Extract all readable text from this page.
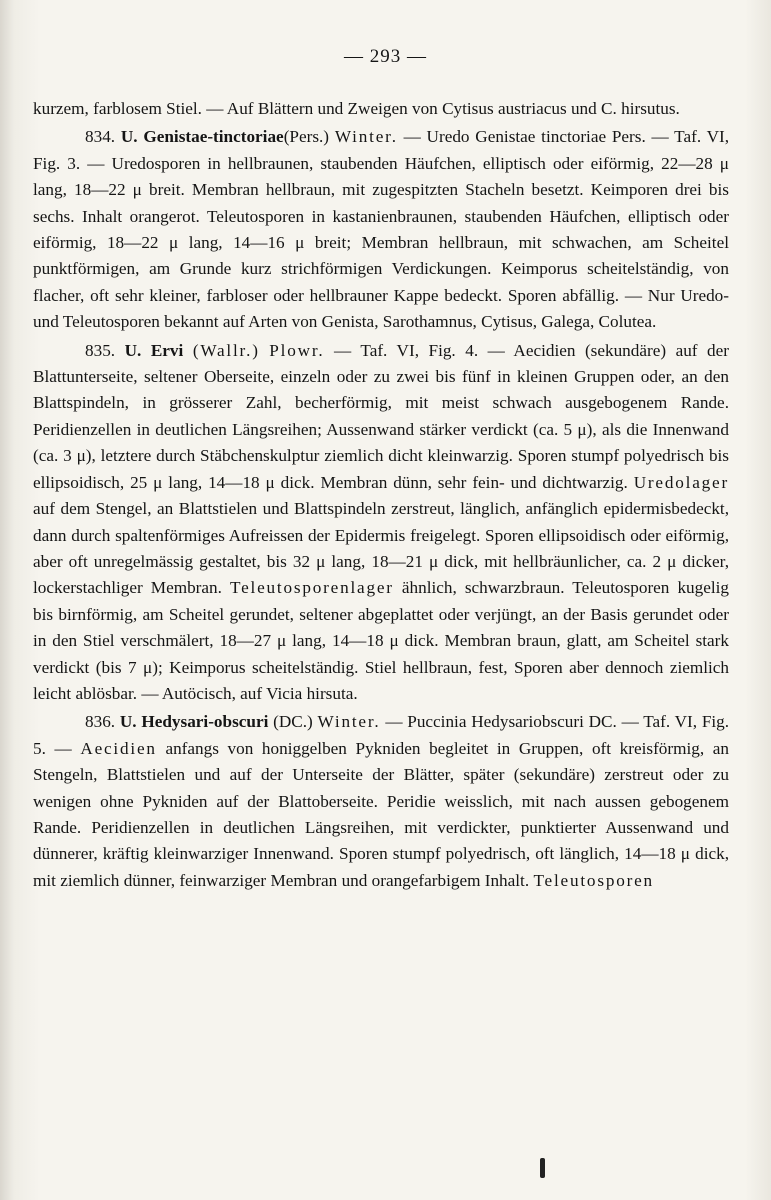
— 293 —

kurzem, farblosem Stiel. — Auf Blättern und Zweigen von Cytisus austriacus und C. hirsutus.

834. U. Genistae-tinctoriae(Pers.) Winter. — Uredo Genistae tinctoriae Pers. — Taf. VI, Fig. 3. — Uredosporen in hellbraunen, staubenden Häufchen, elliptisch oder eiförmig, 22—28 μ lang, 18—22 μ breit. Membran hellbraun, mit zugespitzten Stacheln besetzt. Keimporen drei bis sechs. Inhalt orangerot. Teleutosporen in kastanienbraunen, staubenden Häufchen, elliptisch oder eiförmig, 18—22 μ lang, 14—16 μ breit; Membran hellbraun, mit schwachen, am Scheitel punktförmigen, am Grunde kurz strichförmigen Verdickungen. Keimporus scheitelständig, von flacher, oft sehr kleiner, farbloser oder hellbrauner Kappe bedeckt. Sporen abfällig. — Nur Uredo- und Teleutosporen bekannt auf Arten von Genista, Sarothamnus, Cytisus, Galega, Colutea.

835. U. Ervi (Wallr.) Plowr. — Taf. VI, Fig. 4. — Aecidien (sekundäre) auf der Blattunterseite, seltener Oberseite, einzeln oder zu zwei bis fünf in kleinen Gruppen oder, an den Blattspindeln, in grösserer Zahl, becherförmig, mit meist schwach ausgebogenem Rande. Peridienzellen in deutlichen Längsreihen; Aussenwand stärker verdickt (ca. 5 μ), als die Innenwand (ca. 3 μ), letztere durch Stäbchenskulptur ziemlich dicht kleinwarzig. Sporen stumpf polyedrisch bis ellipsoidisch, 25 μ lang, 14—18 μ dick. Membran dünn, sehr fein- und dichtwarzig. Uredolager auf dem Stengel, an Blattstielen und Blattspindeln zerstreut, länglich, anfänglich epidermisbedeckt, dann durch spaltenförmiges Aufreissen der Epidermis freigelegt. Sporen ellipsoidisch oder eiförmig, aber oft unregelmässig gestaltet, bis 32 μ lang, 18—21 μ dick, mit hellbräunlicher, ca. 2 μ dicker, lockerstachliger Membran. Teleutosporenlager ähnlich, schwarzbraun. Teleutosporen kugelig bis birnförmig, am Scheitel gerundet, seltener abgeplattet oder verjüngt, an der Basis gerundet oder in den Stiel verschmälert, 18—27 μ lang, 14—18 μ dick. Membran braun, glatt, am Scheitel stark verdickt (bis 7 μ); Keimporus scheitelständig. Stiel hellbraun, fest, Sporen aber dennoch ziemlich leicht ablösbar. — Autöcisch, auf Vicia hirsuta.

836. U. Hedysari-obscuri (DC.) Winter. — Puccinia Hedysariobscuri DC. — Taf. VI, Fig. 5. — Aecidien anfangs von honiggelben Pykniden begleitet in Gruppen, oft kreisförmig, an Stengeln, Blattstielen und auf der Unterseite der Blätter, später (sekundäre) zerstreut oder zu wenigen ohne Pykniden auf der Blattoberseite. Peridie weisslich, mit nach aussen gebogenem Rande. Peridienzellen in deutlichen Längsreihen, mit verdickter, punktierter Aussenwand und dünnerer, kräftig kleinwarziger Innenwand. Sporen stumpf polyedrisch, oft länglich, 14—18 μ dick, mit ziemlich dünner, feinwarziger Membran und orangefarbigem Inhalt. Teleutosporen
